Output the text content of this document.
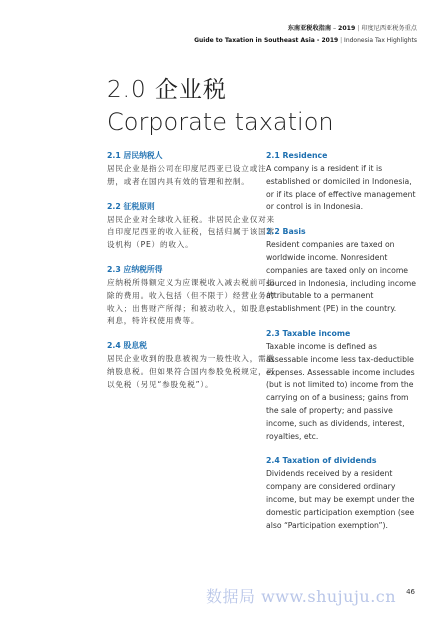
东南亚税收指南 – 2019 | 印度尼西亚税务重点
Guide to Taxation in Southeast Asia - 2019 | Indonesia Tax Highlights
2.0 企业税
Corporate taxation
2.1 居民纳税人

居民企业是指公司在印度尼西亚已设立或注册，或者在国内具有效的管理和控制。

2.2 征税原则

居民企业对全球收入征税。非居民企业仅对来自印度尼西亚的收入征税，包括归属于该国常设机构（PE）的收入。

2.3 应纳税所得

应纳税所得额定义为应课税收入减去税前可扣除的费用。收入包括（但不限于）经营业务的收入；出售财产所得；和被动收入，如股息，利息，特许权使用费等。

2.4 股息税

居民企业收到的股息被视为一般性收入，需缴纳股息税。但如果符合国内参股免税规定，可以免税（另见“参股免税”）。

2.1 Residence

A company is a resident if it is established or domiciled in Indonesia, or if its place of effective management or control is in Indonesia.

2.2 Basis

Resident companies are taxed on worldwide income. Nonresident companies are taxed only on income sourced in Indonesia, including income attributable to a permanent establishment (PE) in the country.

2.3 Taxable income

Taxable income is defined as assessable income less tax-deductible expenses. Assessable income includes (but is not limited to) income from the carrying on of a business; gains from the sale of property; and passive income, such as dividends, interest, royalties, etc.

2.4 Taxation of dividends

Dividends received by a resident company are considered ordinary income, but may be exempt under the domestic participation exemption (see also “Participation exemption”).

数据局 www.shujuju.cn 46
